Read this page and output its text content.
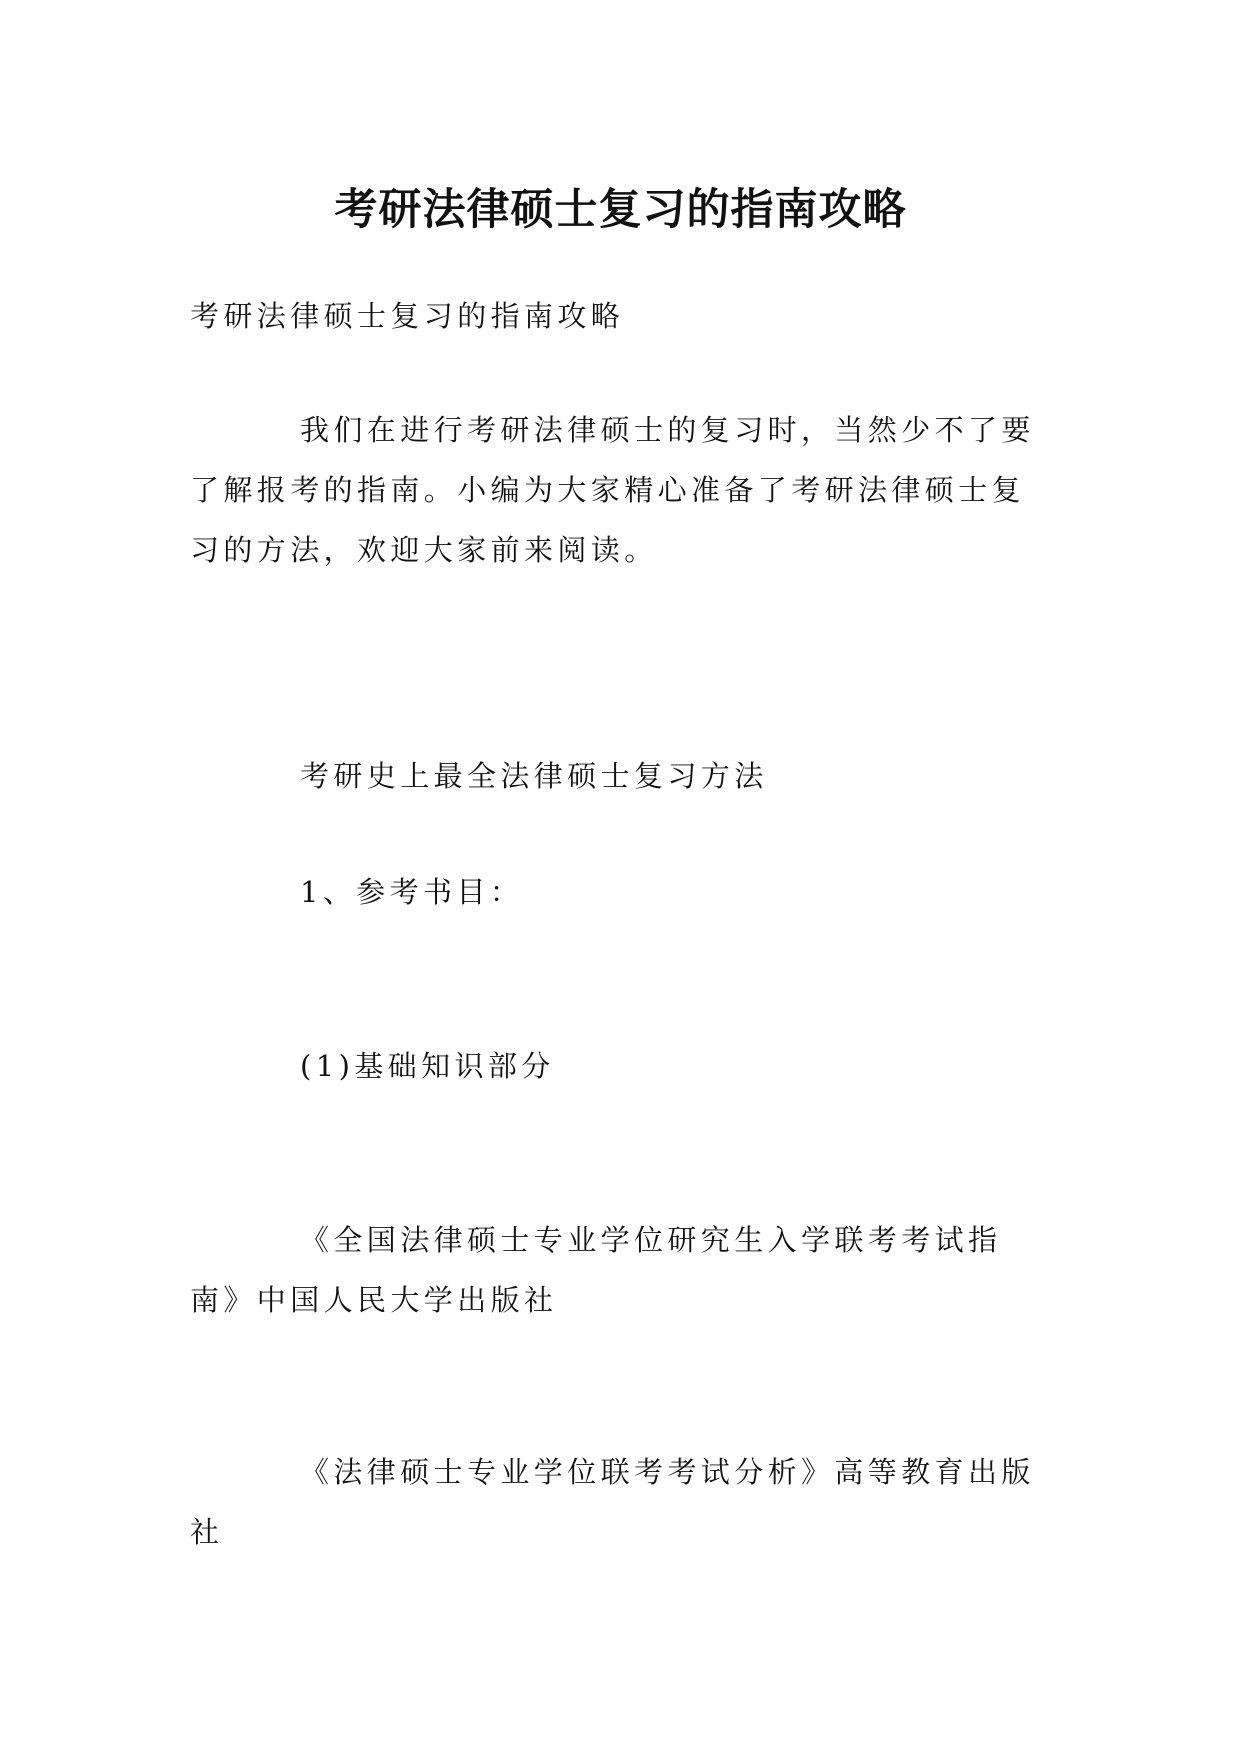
考研法律硕士复习的指南攻略

考研法律硕士复习的指南攻略

我们在进行考研法律硕士的复习时，当然少不了要了解报考的指南。小编为大家精心准备了考研法律硕士复习的方法，欢迎大家前来阅读。

考研史上最全法律硕士复习方法

1、参考书目：

(1)基础知识部分

《全国法律硕士专业学位研究生入学联考考试指南》中国人民大学出版社

《法律硕士专业学位联考考试分析》高等教育出版社
